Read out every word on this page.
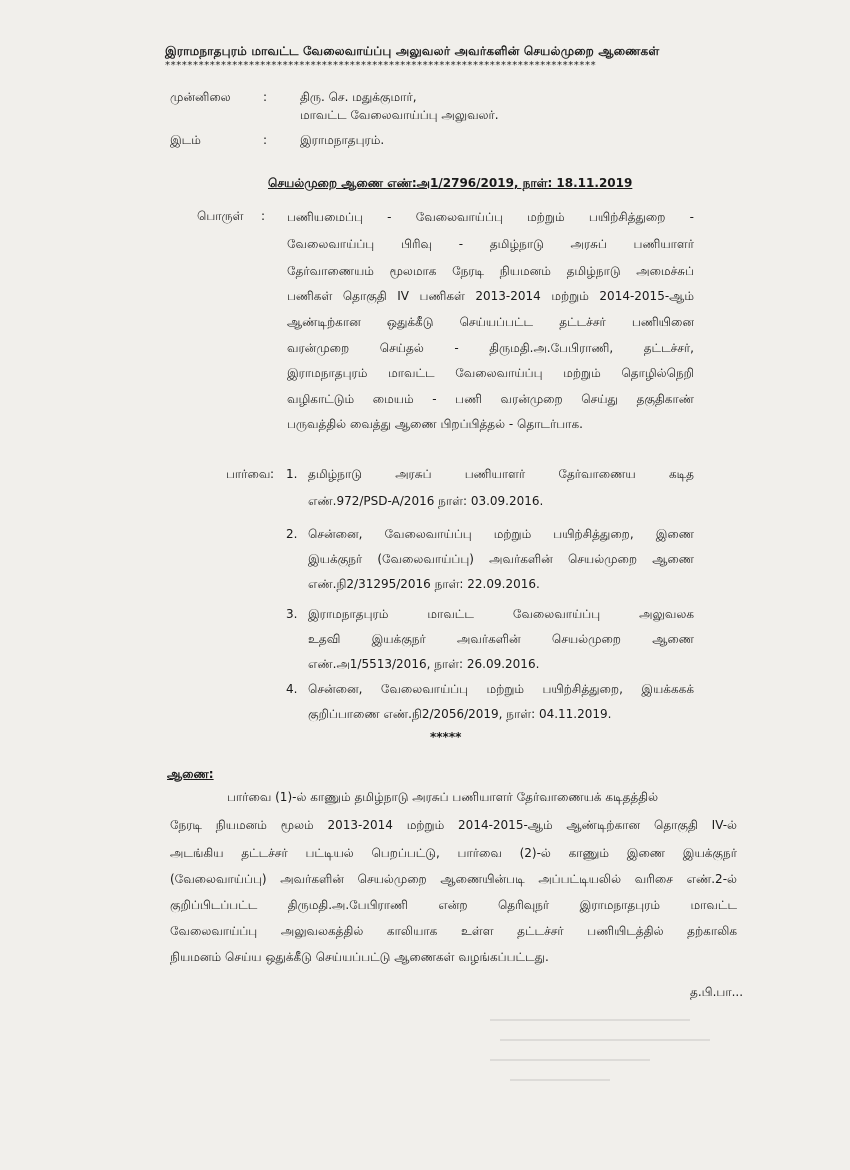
இராமநாதபுரம் மாவட்ட வேலைவாய்ப்பு அலுவலர் அவர்களின் செயல்முறை ஆணைகள்
*****************************************************************************
முன்னிலை	:	திரு. செ. மதுக்குமார்,
மாவட்ட வேலைவாய்ப்பு அலுவலர்.
இடம்	:	இராமநாதபுரம்.
செயல்முறை ஆணை எண்:அ1/2796/2019, நாள்: 18.11.2019
பொருள் : பணியமைப்பு - வேலைவாய்ப்பு மற்றும் பயிற்சித்துறை -
வேலைவாய்ப்பு பிரிவு - தமிழ்நாடு அரசுப் பணியாளர்
தேர்வாணையம் மூலமாக நேரடி நியமனம் தமிழ்நாடு அமைச்சுப்
பணிகள் தொகுதி IV பணிகள் 2013-2014 மற்றும் 2014-2015-ஆம்
ஆண்டிற்கான ஒதுக்கீடு செய்யப்பட்ட தட்டச்சர் பணியினை
வரன்முறை செய்தல் - திருமதி.அ.பேபிராணி, தட்டச்சர்,
இராமநாதபுரம் மாவட்ட வேலைவாய்ப்பு மற்றும் தொழில்நெறி
வழிகாட்டும் மையம் - பணி வரன்முறை செய்து தகுதிகாண்
பருவத்தில் வைத்து ஆணை பிறப்பித்தல் - தொடர்பாக.
பார்வை : 1. தமிழ்நாடு அரசுப் பணியாளர் தேர்வாணைய கடித
எண்.972/PSD-A/2016 நாள்: 03.09.2016.
2. சென்னை, வேலைவாய்ப்பு மற்றும் பயிற்சித்துறை, இணை
இயக்குநர் (வேலைவாய்ப்பு) அவர்களின் செயல்முறை ஆணை
எண்.நி2/31295/2016 நாள்: 22.09.2016.
3. இராமநாதபுரம் மாவட்ட வேலைவாய்ப்பு அலுவலக
உதவி இயக்குநர் அவர்களின் செயல்முறை ஆணை
எண்.அ1/5513/2016, நாள்: 26.09.2016.
4. சென்னை, வேலைவாய்ப்பு மற்றும் பயிற்சித்துறை, இயக்ககக்
குறிப்பாணை எண்.நி2/2056/2019, நாள்: 04.11.2019.
*****
ஆணை:
பார்வை (1)-ல் காணும் தமிழ்நாடு அரசுப் பணியாளர் தேர்வாணையக் கடிதத்தில்
நேரடி நியமனம் மூலம் 2013-2014 மற்றும் 2014-2015-ஆம் ஆண்டிற்கான தொகுதி IV-ல்
அடங்கிய தட்டச்சர் பட்டியல் பெறப்பட்டு, பார்வை (2)-ல் காணும் இணை இயக்குநர்
(வேலைவாய்ப்பு) அவர்களின் செயல்முறை ஆணையின்படி அப்பட்டியலில் வரிசை எண்.2-ல்
குறிப்பிடப்பட்ட திருமதி.அ.பேபிராணி என்ற தெரிவுநர் இராமநாதபுரம் மாவட்ட
வேலைவாய்ப்பு அலுவலகத்தில் காலியாக உள்ள தட்டச்சர் பணியிடத்தில் தற்காலிக
நியமனம் செய்ய ஒதுக்கீடு செய்யப்பட்டு ஆணைகள் வழங்கப்பட்டது.
த.பி.பா...
